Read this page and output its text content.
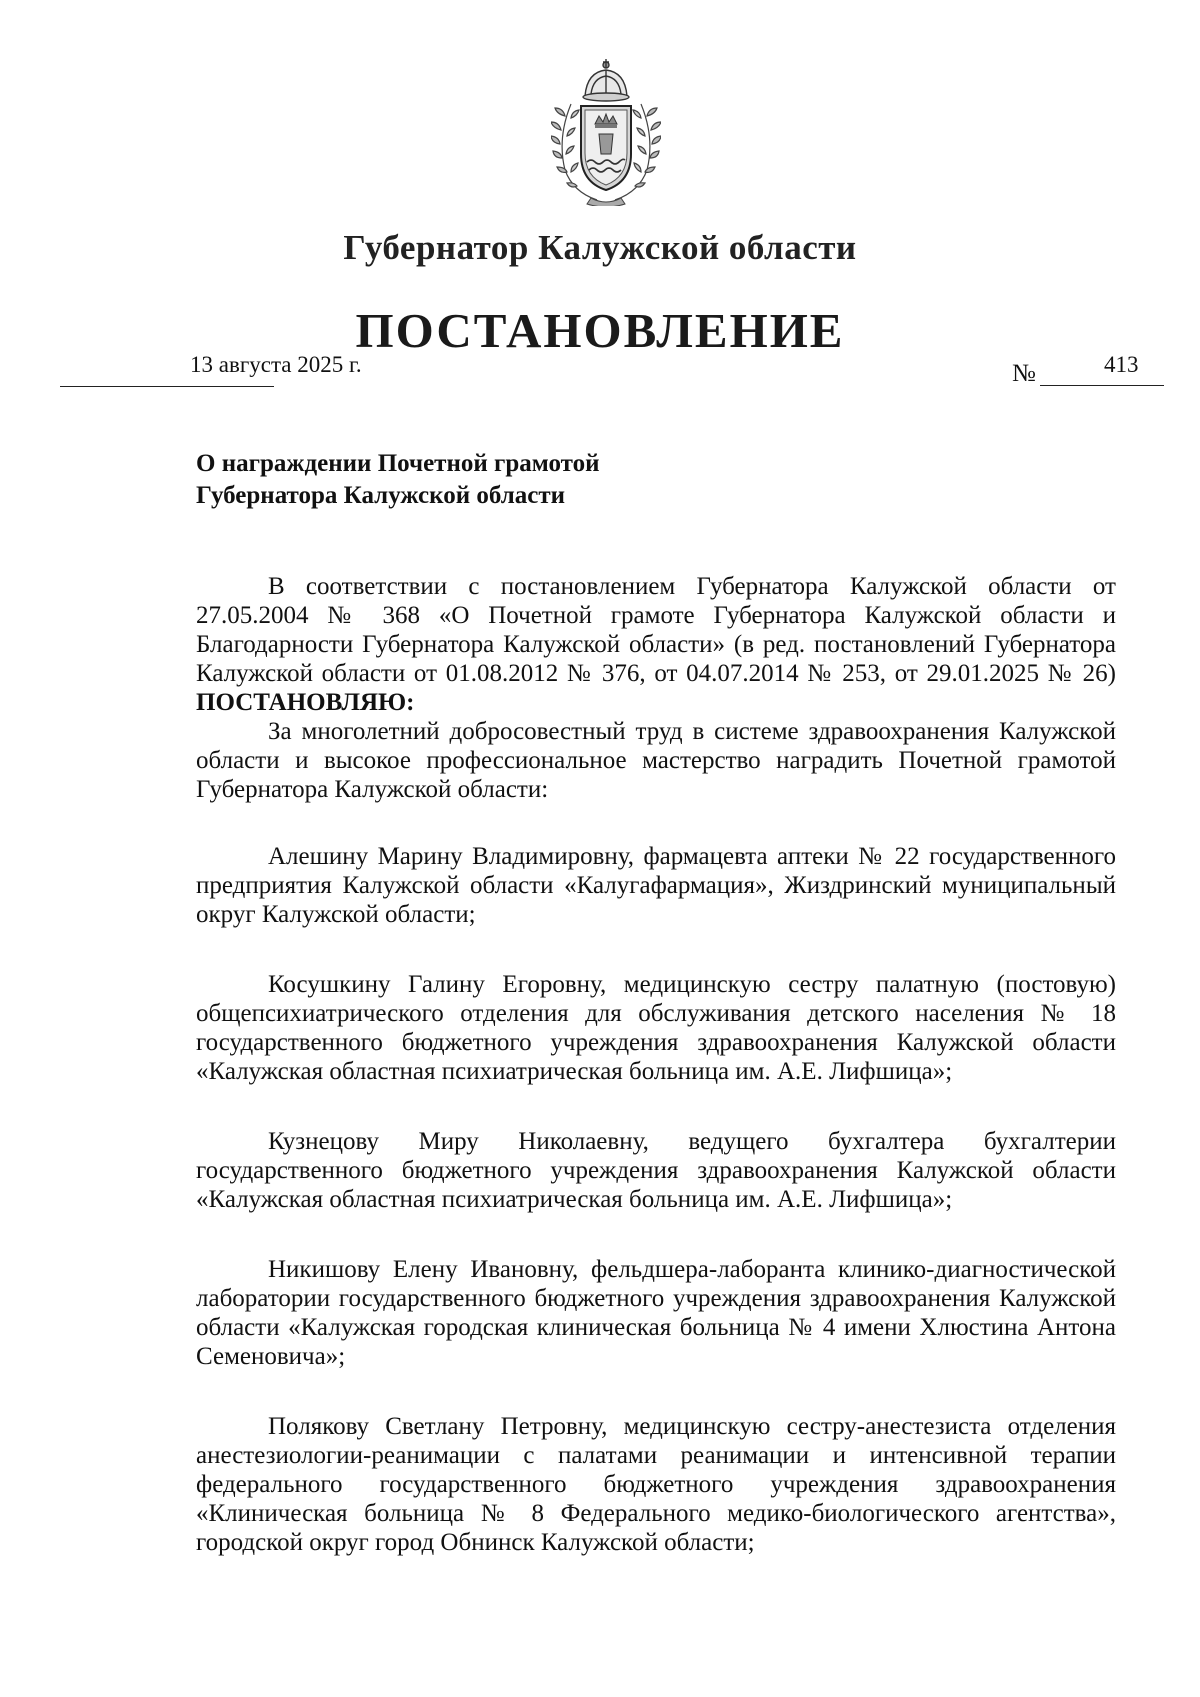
Губернатор Калужской области
ПОСТАНОВЛЕНИЕ
13 августа 2025 г.	№	413
О награждении Почетной грамотой
Губернатора Калужской области

В соответствии с постановлением Губернатора Калужской области от 27.05.2004 № 368 «О Почетной грамоте Губернатора Калужской области и Благодарности Губернатора Калужской области» (в ред. постановлений Губернатора Калужской области от 01.08.2012 № 376, от 04.07.2014 № 253, от 29.01.2025 № 26) ПОСТАНОВЛЯЮ:

За многолетний добросовестный труд в системе здравоохранения Калужской области и высокое профессиональное мастерство наградить Почетной грамотой Губернатора Калужской области:

Алешину Марину Владимировну, фармацевта аптеки № 22 государственного предприятия Калужской области «Калугафармация», Жиздринский муниципальный округ Калужской области;

Косушкину Галину Егоровну, медицинскую сестру палатную (постовую) общепсихиатрического отделения для обслуживания детского населения № 18 государственного бюджетного учреждения здравоохранения Калужской области «Калужская областная психиатрическая больница им. А.Е. Лифшица»;

Кузнецову Миру Николаевну, ведущего бухгалтера бухгалтерии государственного бюджетного учреждения здравоохранения Калужской области «Калужская областная психиатрическая больница им. А.Е. Лифшица»;

Никишову Елену Ивановну, фельдшера-лаборанта клинико-диагностической лаборатории государственного бюджетного учреждения здравоохранения Калужской области «Калужская городская клиническая больница № 4 имени Хлюстина Антона Семеновича»;

Полякову Светлану Петровну, медицинскую сестру-анестезиста отделения анестезиологии-реанимации с палатами реанимации и интенсивной терапии федерального государственного бюджетного учреждения здравоохранения «Клиническая больница № 8 Федерального медико-биологического агентства», городской округ город Обнинск Калужской области;
